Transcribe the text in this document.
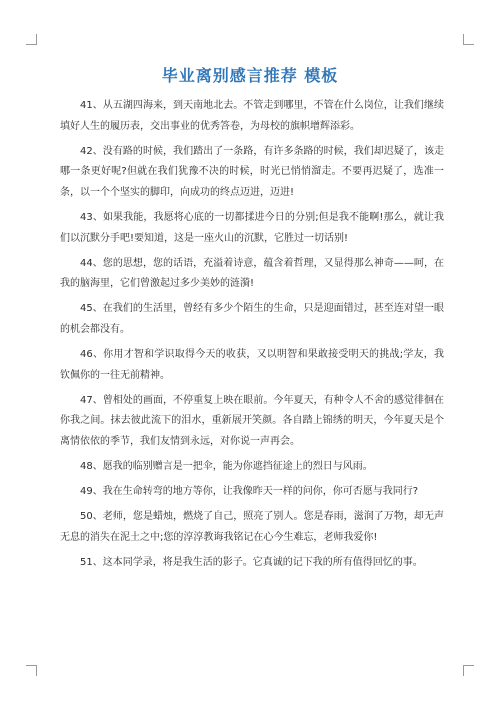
毕业离别感言推荐 模板

41、从五湖四海来，到天南地北去。不管走到哪里，不管在什么岗位，让我们继续填好人生的履历表，交出事业的优秀答卷，为母校的旗帜增辉添彩。

42、没有路的时候，我们踏出了一条路，有许多条路的时候，我们却迟疑了，该走哪一条更好呢?但就在我们犹豫不决的时候，时光已悄悄溜走。不要再迟疑了，选准一条，以一个个坚实的脚印，向成功的终点迈进，迈进!

43、如果我能，我愿将心底的一切都揉进今日的分别;但是我不能啊!那么，就让我们以沉默分手吧!要知道，这是一座火山的沉默，它胜过一切话别!

44、您的思想，您的话语，充溢着诗意，蕴含着哲理，又显得那么神奇——呵，在我的脑海里，它们曾激起过多少美妙的涟漪!

45、在我们的生活里，曾经有多少个陌生的生命，只是迎面错过，甚至连对望一眼的机会都没有。

46、你用才智和学识取得今天的收获，又以明智和果敢接受明天的挑战;学友，我钦佩你的一往无前精神。

47、曾相处的画面，不停重复上映在眼前。今年夏天，有种令人不舍的感觉徘徊在你我之间。抹去彼此流下的泪水，重新展开笑颜。各自踏上锦绣的明天，今年夏天是个离情依依的季节，我们友情到永远，对你说一声再会。

48、愿我的临别赠言是一把伞，能为你遮挡征途上的烈日与风雨。

49、我在生命转弯的地方等你，让我像昨天一样的问你，你可否愿与我同行?

50、老师，您是蜡烛，燃烧了自己，照亮了别人。您是春雨，滋润了万物，却无声无息的消失在泥土之中;您的淳淳教诲我铭记在心今生难忘，老师我爱你!

51、这本同学录，将是我生活的影子。它真诚的记下我的所有值得回忆的事。
